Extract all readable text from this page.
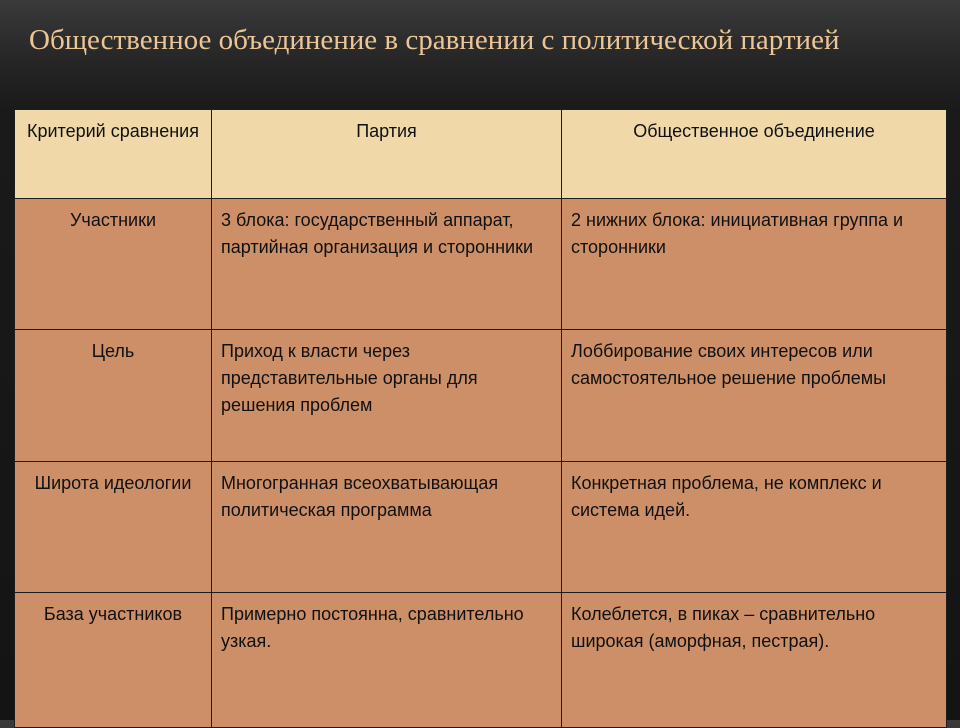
Общественное объединение в сравнении с политической партией
Критерий сравнения	Партия	Общественное объединение
Участники	3 блока: государственный аппарат, партийная организация и сторонники	2 нижних блока: инициативная группа и сторонники
Цель	Приход к власти через представительные органы для решения проблем	Лоббирование своих интересов или самостоятельное решение проблемы
Широта идеологии	Многогранная всеохватывающая политическая программа	Конкретная проблема, не комплекс и система идей.
База участников	Примерно постоянна, сравнительно узкая.	Колеблется, в пиках – сравнительно широкая (аморфная, пестрая).
